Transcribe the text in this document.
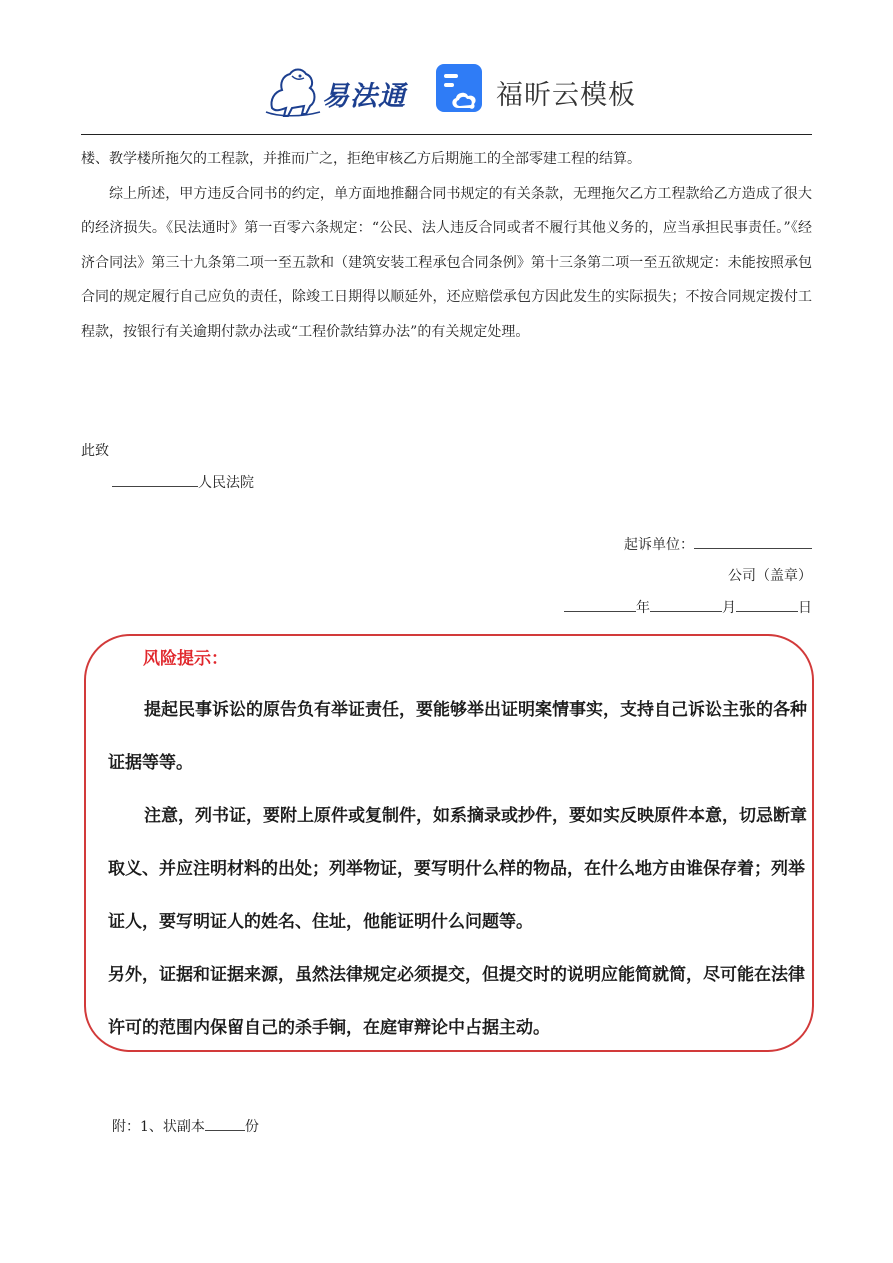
易法通	福昕云模板

楼、教学楼所拖欠的工程款，并推而广之，拒绝审核乙方后期施工的全部零建工程的结算。

综上所述，甲方违反合同书的约定，单方面地推翻合同书规定的有关条款，无理拖欠乙方工程款给乙方造成了很大的经济损失。《民法通时》第一百零六条规定：“公民、法人违反合同或者不履行其他义务的，应当承担民事责任。”《经济合同法》第三十九条第二项一至五款和（建筑安装工程承包合同条例》第十三条第二项一至五欲规定：未能按照承包合同的规定履行自己应负的责任，除竣工日期得以顺延外，还应赔偿承包方因此发生的实际损失；不按合同规定拨付工程款，按银行有关逾期付款办法或“工程价款结算办法”的有关规定处理。

此致
人民法院
起诉单位：
公司（盖章）
年	月	日
风险提示：

提起民事诉讼的原告负有举证责任，要能够举出证明案情事实，支持自己诉讼主张的各种证据等等。

注意，列书证，要附上原件或复制件，如系摘录或抄件，要如实反映原件本意，切忌断章取义、并应注明材料的出处；列举物证，要写明什么样的物品，在什么地方由谁保存着；列举证人，要写明证人的姓名、住址，他能证明什么问题等。

另外，证据和证据来源，虽然法律规定必须提交，但提交时的说明应能简就简，尽可能在法律许可的范围内保留自己的杀手锏，在庭审辩论中占据主动。

附：1、状副本	份
